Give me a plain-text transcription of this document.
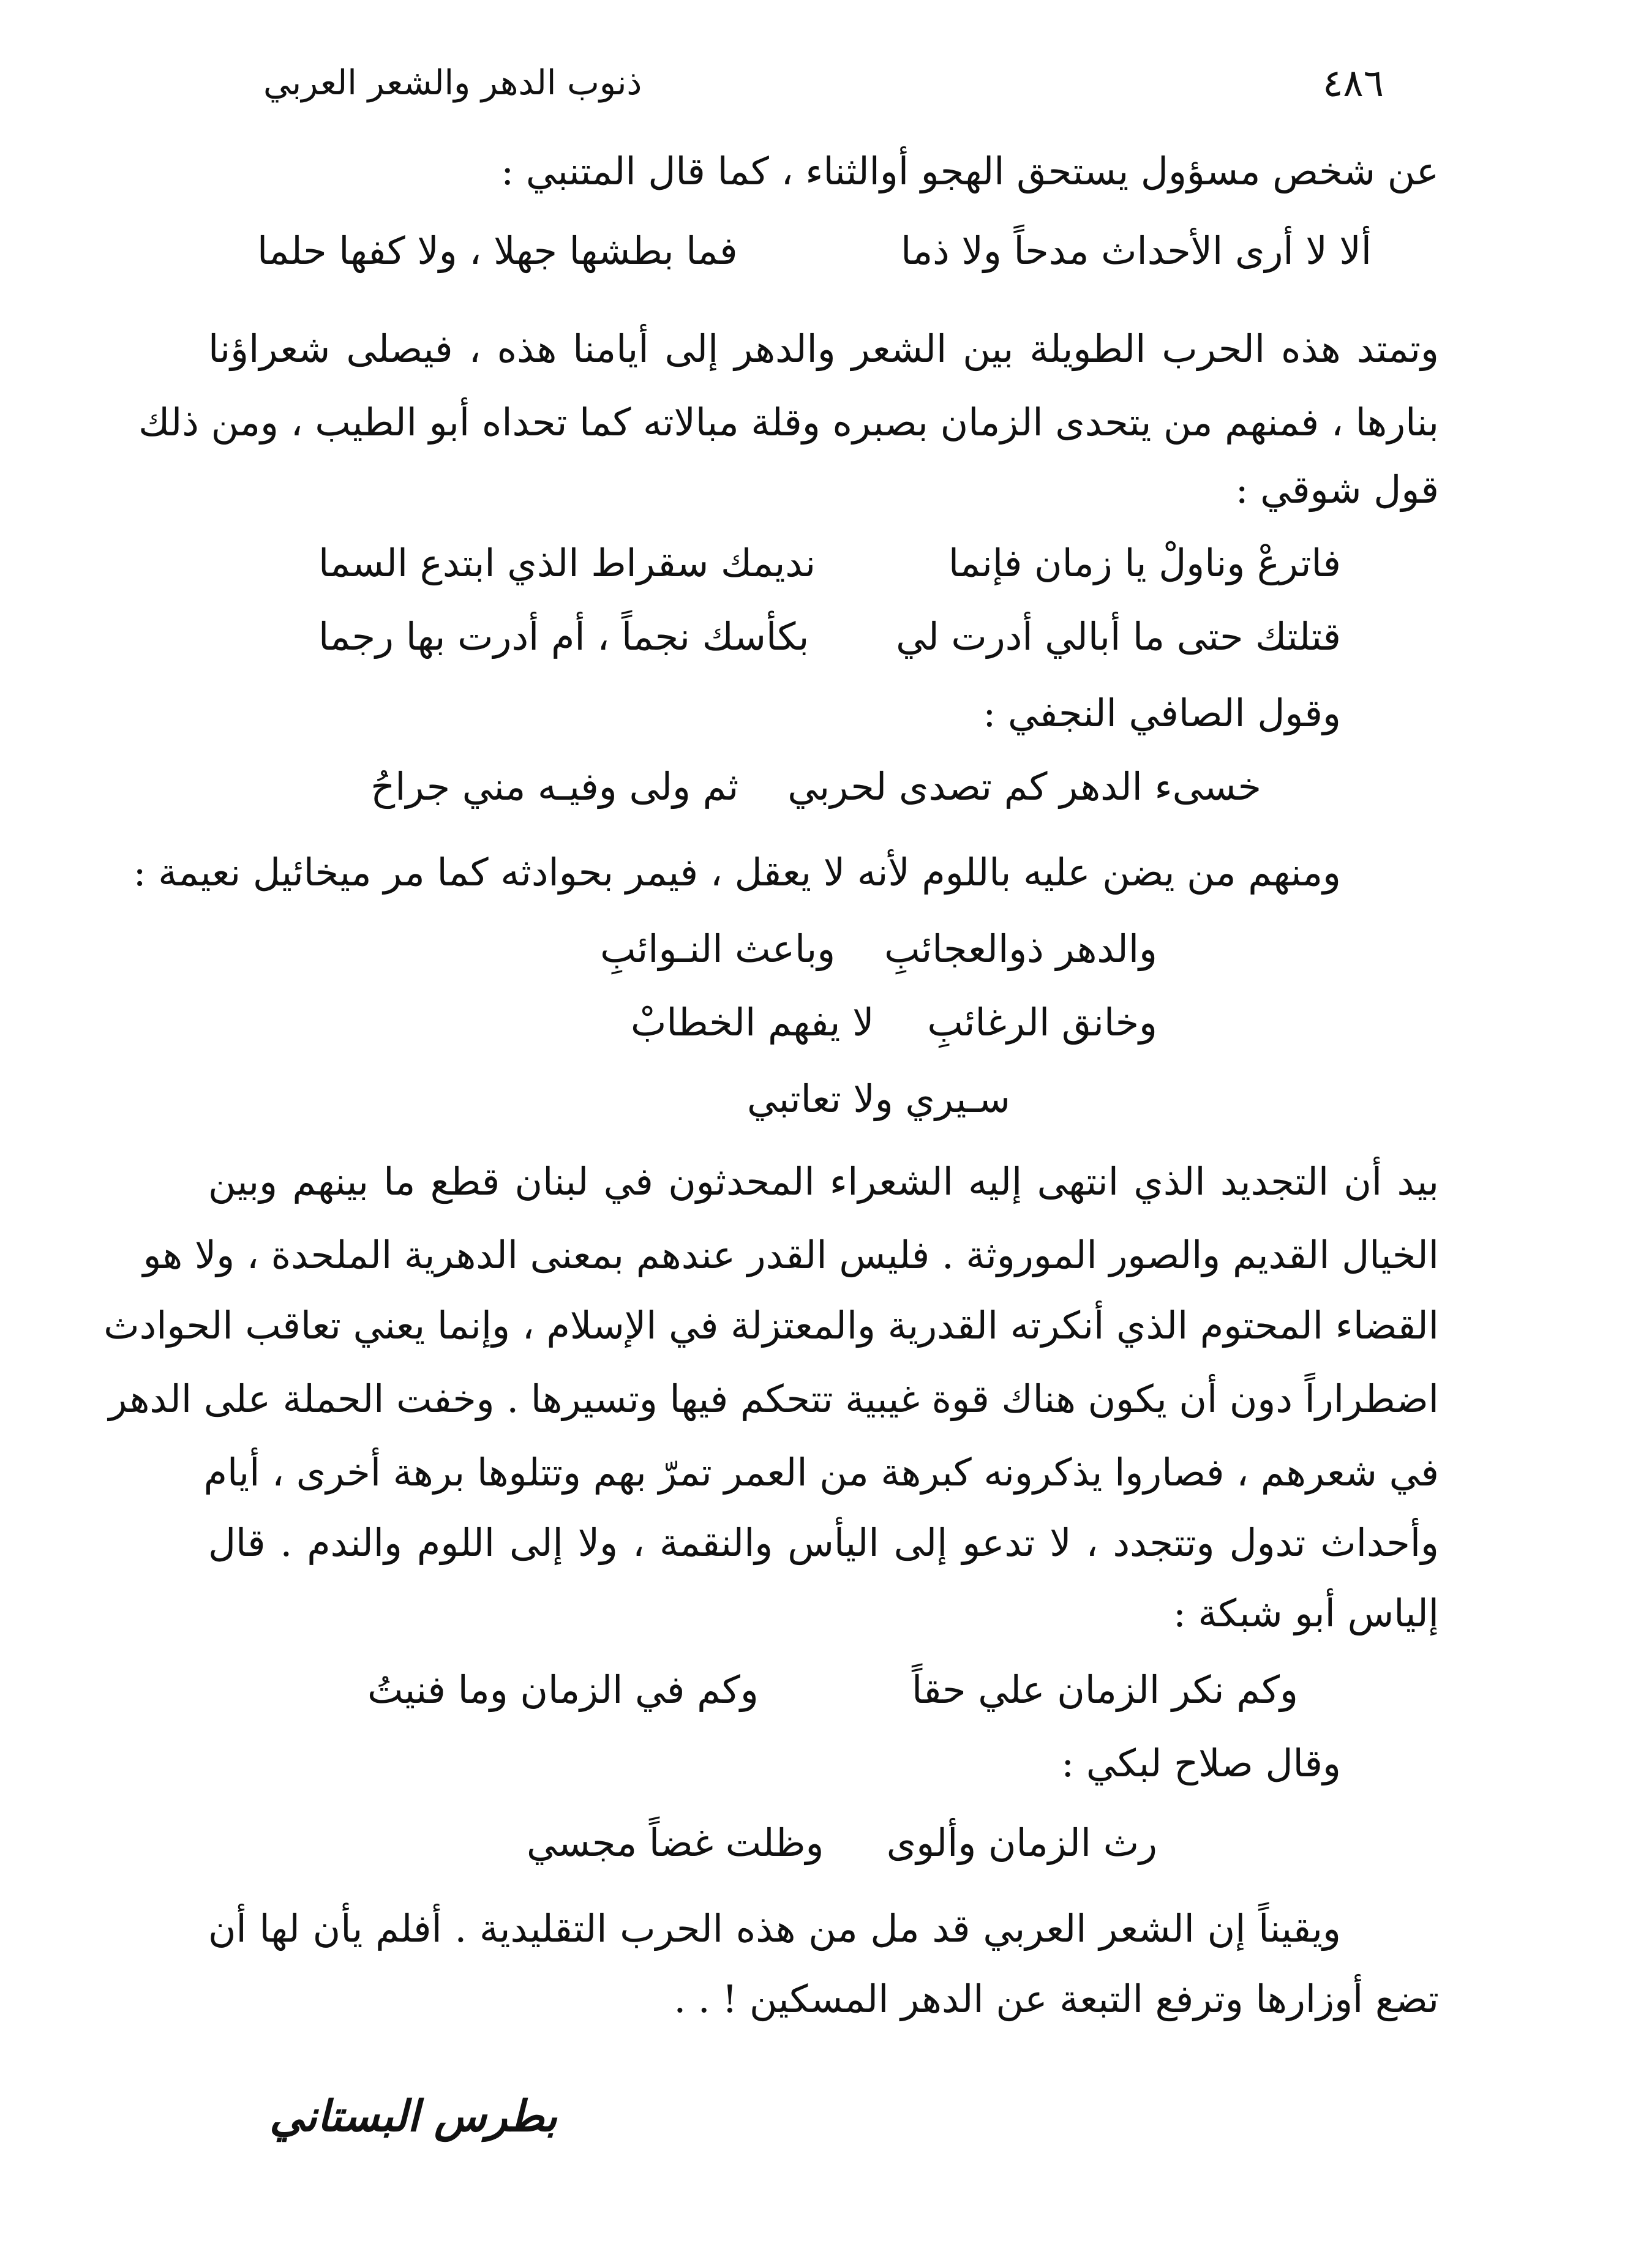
٤٨٦
ذنوب الدهر والشعر العربي
عن شخص مسؤول يستحق الهجو أوالثناء ، كما قال المتنبي :
ألا لا أرى الأحداث مدحاً ولا ذما
فما بطشها جهلا ، ولا كفها حلما
وتمتد هذه الحرب الطويلة بين الشعر والدهر إلى أيامنا هذه ، فيصلى شعراؤنا
بنارها ، فمنهم من يتحدى الزمان بصبره وقلة مبالاته كما تحداه أبو الطيب ، ومن ذلك
قول شوقي :
فاترعْ وناولْ يا زمان فإنما
نديمك سقراط الذي ابتدع السما
قتلتك حتى ما أبالي أدرت لي
بكأسك نجماً ، أم أدرت بها رجما
وقول الصافي النجفي :
خسىء الدهر كم تصدى لحربي
ثم ولى وفيـه مني جراحُ
ومنهم من يضن عليه باللوم لأنه لا يعقل ، فيمر بحوادثه كما مر ميخائيل نعيمة :
والدهر ذوالعجائبِ
وباعث النـوائبِ
وخانق الرغائبِ
لا يفهم الخطابْ
سـيري ولا تعاتبي
بيد أن التجديد الذي انتهى إليه الشعراء المحدثون في لبنان قطع ما بينهم وبين
الخيال القديم والصور الموروثة . فليس القدر عندهم بمعنى الدهرية الملحدة ، ولا هو
القضاء المحتوم الذي أنكرته القدرية والمعتزلة في الإسلام ، وإنما يعني تعاقب الحوادث
اضطراراً دون أن يكون هناك قوة غيبية تتحكم فيها وتسيرها . وخفت الحملة على الدهر
في شعرهم ، فصاروا يذكرونه كبرهة من العمر تمرّ بهم وتتلوها برهة أخرى ، أيام
وأحداث تدول وتتجدد ، لا تدعو إلى اليأس والنقمة ، ولا إلى اللوم والندم . قال
إلياس أبو شبكة :
وكم نكر الزمان علي حقاً
وكم في الزمان وما فنيتُ
وقال صلاح لبكي :
رث الزمان وألوى
وظلت غضاً مجسي
ويقيناً إن الشعر العربي قد مل من هذه الحرب التقليدية . أفلم يأن لها أن
تضع أوزارها وترفع التبعة عن الدهر المسكين ! . .
بطرس البستاني
